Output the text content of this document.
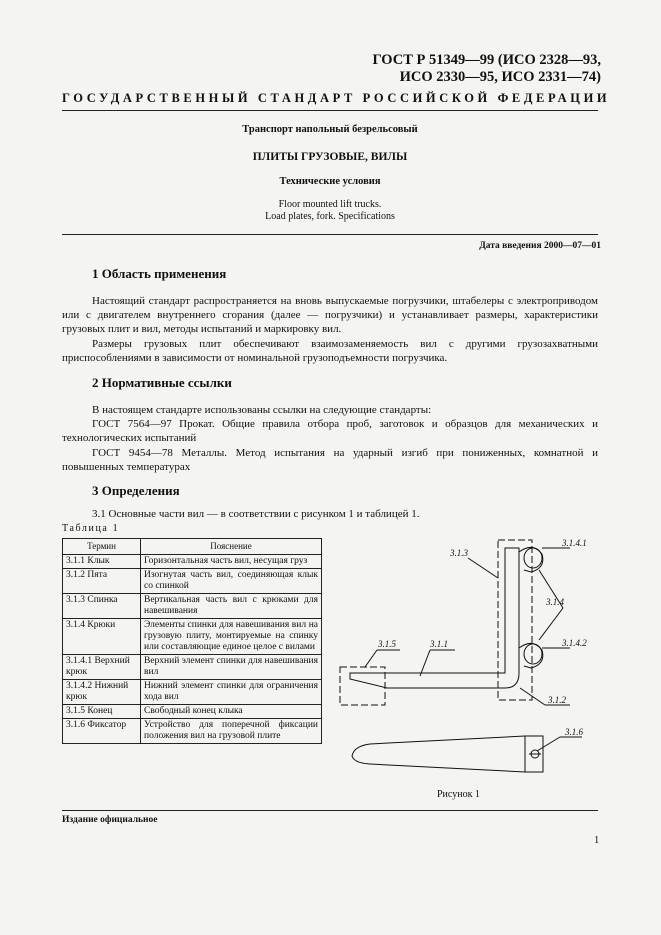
ГОСТ Р 51349—99 (ИСО 2328—93,
ИСО 2330—95, ИСО 2331—74)
ГОСУДАРСТВЕННЫЙ СТАНДАРТ РОССИЙСКОЙ ФЕДЕРАЦИИ
Транспорт напольный безрельсовый
ПЛИТЫ ГРУЗОВЫЕ, ВИЛЫ
Технические условия
Floor mounted lift trucks.
Load plates, fork. Specifications
Дата введения 2000—07—01
1 Область применения

Настоящий стандарт распространяется на вновь выпускаемые погрузчики, штабелеры с электроприводом или с двигателем внутреннего сгорания (далее — погрузчики) и устанавливает размеры, характеристики грузовых плит и вил, методы испытаний и маркировку вил.

Размеры грузовых плит обеспечивают взаимозаменяемость вил с другими грузозахватными приспособлениями в зависимости от номинальной грузоподъемности погрузчика.

2 Нормативные ссылки

В настоящем стандарте использованы ссылки на следующие стандарты:

ГОСТ 7564—97 Прокат. Общие правила отбора проб, заготовок и образцов для механических и технологических испытаний

ГОСТ 9454—78 Металлы. Метод испытания на ударный изгиб при пониженных, комнатной и повышенных температурах

3 Определения

3.1 Основные части вил — в соответствии с рисунком 1 и таблицей 1.

Таблица 1
Термин	Пояснение
3.1.1 Клык	Горизонтальная часть вил, несущая груз
3.1.2 Пята	Изогнутая часть вил, соединяющая клык со спинкой
3.1.3 Спинка	Вертикальная часть вил с крюками для навешивания
3.1.4 Крюки	Элементы спинки для навешивания вил на грузовую плиту, монтируемые на спинку или составляющие единое целое с вилами
3.1.4.1 Верхний крюк	Верхний элемент спинки для навешивания вил
3.1.4.2 Нижний крюк	Нижний элемент спинки для ограничения хода вил
3.1.5 Конец	Свободный конец клыка
3.1.6 Фиксатор	Устройство для поперечной фиксации положения вил на грузовой плите
3.1.3
3.1.4.1
3.1.4
3.1.4.2
3.1.5	3.1.1
3.1.2
3.1.6
Рисунок 1
Издание официальное
1
